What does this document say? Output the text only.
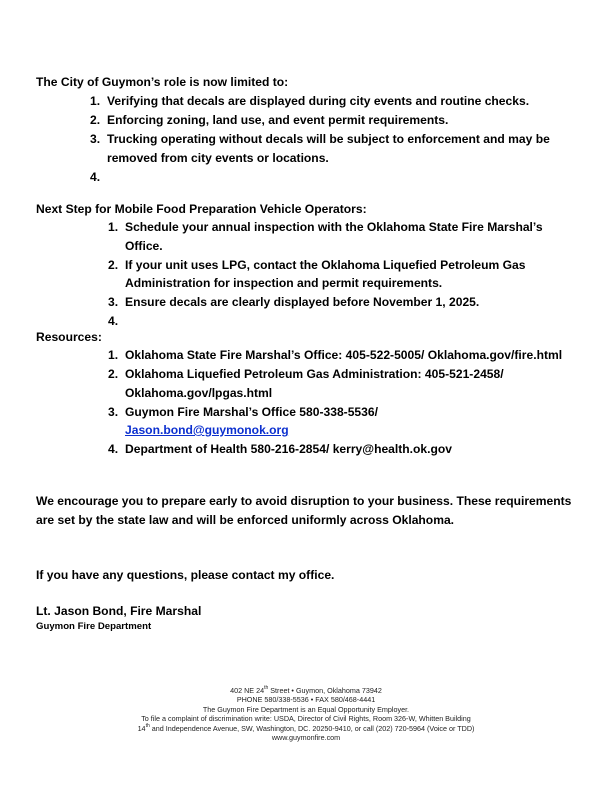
The City of Guymon’s role is now limited to:
1. Verifying that decals are displayed during city events and routine checks.
2. Enforcing zoning, land use, and event permit requirements.
3. Trucking operating without decals will be subject to enforcement and may be removed from city events or locations.
4.
Next Step for Mobile Food Preparation Vehicle Operators:
1. Schedule your annual inspection with the Oklahoma State Fire Marshal’s Office.
2. If your unit uses LPG, contact the Oklahoma Liquefied Petroleum Gas Administration for inspection and permit requirements.
3. Ensure decals are clearly displayed before November 1, 2025.
4.
Resources:
1. Oklahoma State Fire Marshal’s Office: 405-522-5005/ Oklahoma.gov/fire.html
2. Oklahoma Liquefied Petroleum Gas Administration: 405-521-2458/ Oklahoma.gov/lpgas.html
3. Guymon Fire Marshal’s Office 580-338-5536/
Jason.bond@guymonok.org
4. Department of Health 580-216-2854/ kerry@health.ok.gov
We encourage you to prepare early to avoid disruption to your business. These requirements are set by the state law and will be enforced uniformly across Oklahoma.
If you have any questions, please contact my office.
Lt. Jason Bond, Fire Marshal
Guymon Fire Department
402 NE 24th Street • Guymon, Oklahoma 73942
PHONE 580/338-5536 • FAX 580/468-4441
The Guymon Fire Department is an Equal Opportunity Employer.
To file a complaint of discrimination write: USDA, Director of Civil Rights, Room 326-W, Whitten Building
14th and Independence Avenue, SW, Washington, DC. 20250-9410, or call (202) 720-5964 (Voice or TDD)
www.guymonfire.com
